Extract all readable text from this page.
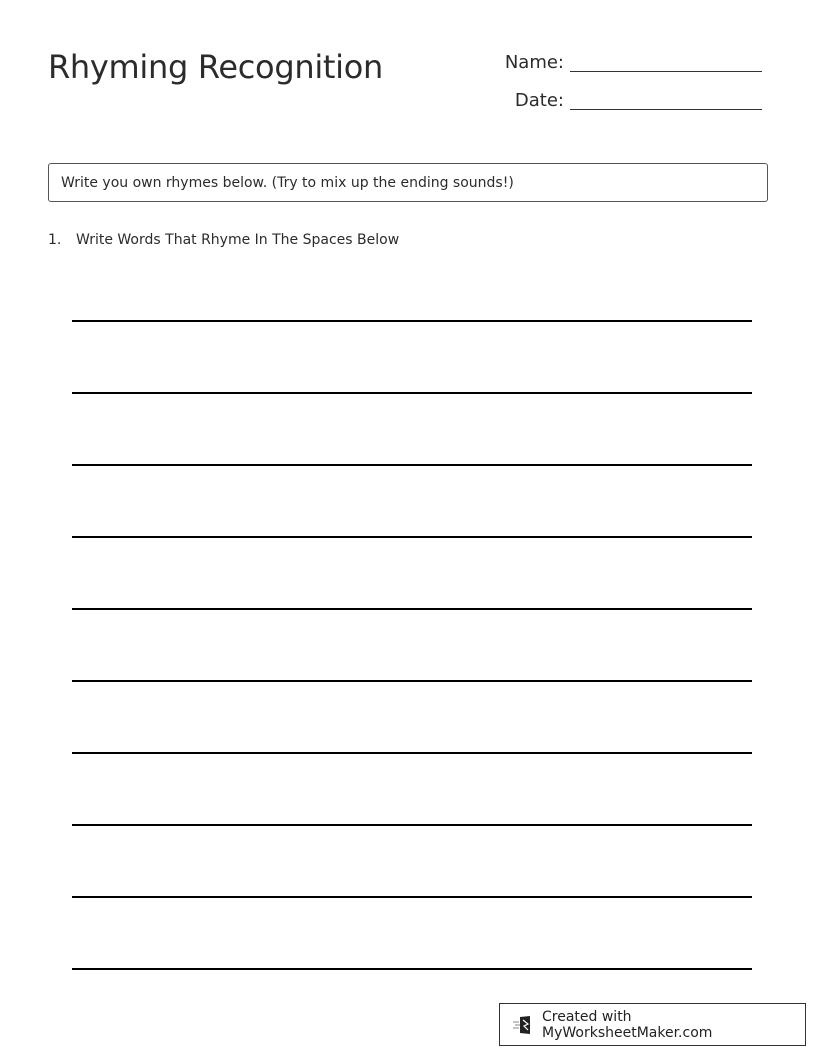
Rhyming Recognition	Name:
Date:
Write you own rhymes below. (Try to mix up the ending sounds!)
1.	Write Words That Rhyme In The Spaces Below
Created with MyWorksheetMaker.com
